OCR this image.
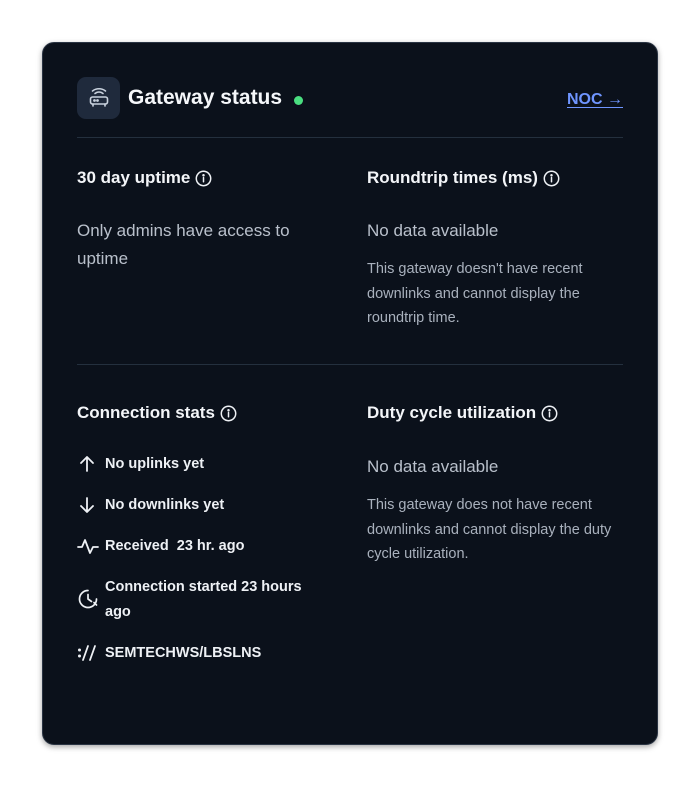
Gateway status	NOC →
30 day uptime
Only admins have access to uptime
Roundtrip times (ms)
No data available
This gateway doesn't have recent downlinks and cannot display the roundtrip time.
Connection stats
No uplinks yet
No downlinks yet
Received 23 hr. ago
Connection started 23 hours ago
SEMTECHWS/LBSLNS
Duty cycle utilization
No data available
This gateway does not have recent downlinks and cannot display the duty cycle utilization.
